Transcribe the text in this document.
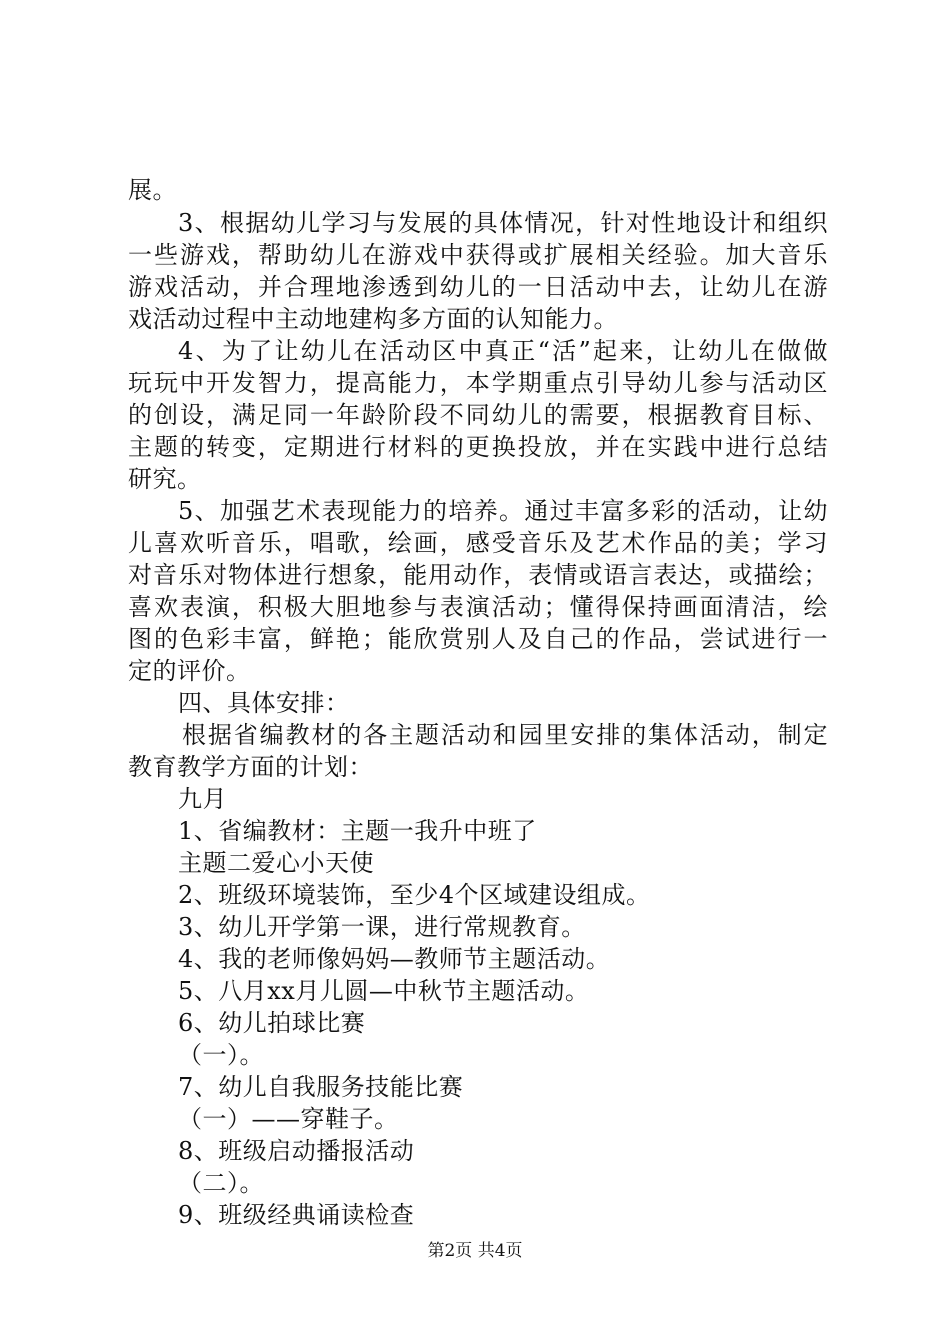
展。
3、根据幼儿学习与发展的具体情况，针对性地设计和组织
一些游戏，帮助幼儿在游戏中获得或扩展相关经验。加大音乐
游戏活动，并合理地渗透到幼儿的一日活动中去，让幼儿在游
戏活动过程中主动地建构多方面的认知能力。
4、为了让幼儿在活动区中真正“活”起来，让幼儿在做做
玩玩中开发智力，提高能力，本学期重点引导幼儿参与活动区
的创设，满足同一年龄阶段不同幼儿的需要，根据教育目标、
主题的转变，定期进行材料的更换投放，并在实践中进行总结
研究。
5、加强艺术表现能力的培养。通过丰富多彩的活动，让幼
儿喜欢听音乐，唱歌，绘画，感受音乐及艺术作品的美；学习
对音乐对物体进行想象，能用动作，表情或语言表达，或描绘；
喜欢表演，积极大胆地参与表演活动；懂得保持画面清洁，绘
图的色彩丰富，鲜艳；能欣赏别人及自己的作品，尝试进行一
定的评价。
四、具体安排：
根据省编教材的各主题活动和园里安排的集体活动，制定
教育教学方面的计划：
九月
1、省编教材：主题一我升中班了
主题二爱心小天使
2、班级环境装饰，至少4个区域建设组成。
3、幼儿开学第一课，进行常规教育。
4、我的老师像妈妈—教师节主题活动。
5、八月xx月儿圆—中秋节主题活动。
6、幼儿拍球比赛
（一）。
7、幼儿自我服务技能比赛
（一）——穿鞋子。
8、班级启动播报活动
（二）。
9、班级经典诵读检查
第2页 共4页
